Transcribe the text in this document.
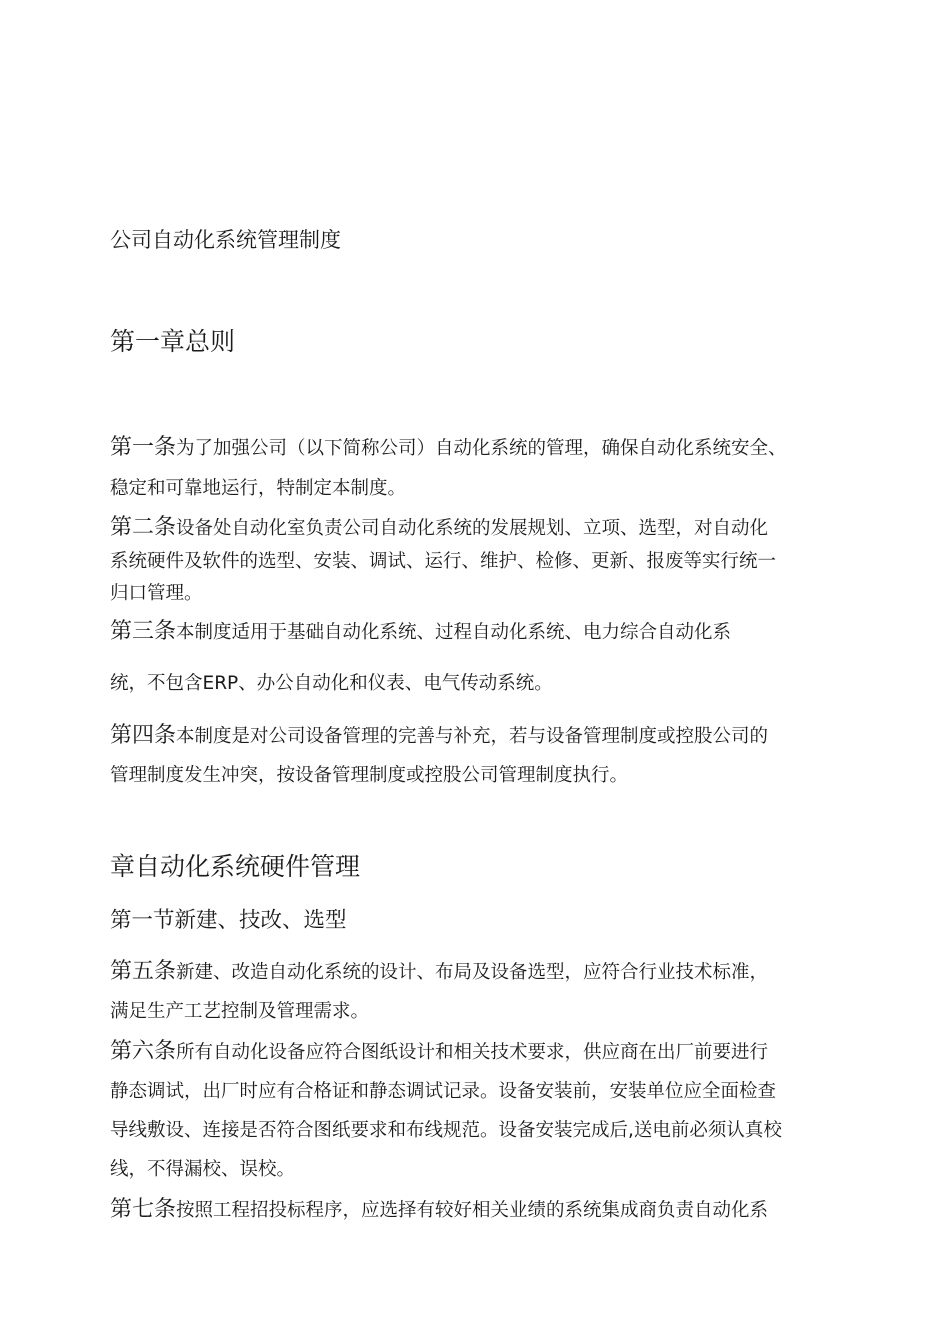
公司自动化系统管理制度
第一章总则
第一条为了加强公司（以下简称公司）自动化系统的管理，确保自动化系统安全、
稳定和可靠地运行，特制定本制度。
第二条设备处自动化室负责公司自动化系统的发展规划、立项、选型，对自动化
系统硬件及软件的选型、安装、调试、运行、维护、检修、更新、报废等实行统一
归口管理。
第三条本制度适用于基础自动化系统、过程自动化系统、电力综合自动化系
统，不包含ERP、办公自动化和仪表、电气传动系统。
第四条本制度是对公司设备管理的完善与补充，若与设备管理制度或控股公司的
管理制度发生冲突，按设备管理制度或控股公司管理制度执行。
章自动化系统硬件管理
第一节新建、技改、选型
第五条新建、改造自动化系统的设计、布局及设备选型，应符合行业技术标准，
满足生产工艺控制及管理需求。
第六条所有自动化设备应符合图纸设计和相关技术要求，供应商在出厂前要进行
静态调试，出厂时应有合格证和静态调试记录。设备安装前，安装单位应全面检查
导线敷设、连接是否符合图纸要求和布线规范。设备安装完成后,送电前必须认真校
线，不得漏校、误校。
第七条按照工程招投标程序，应选择有较好相关业绩的系统集成商负责自动化系
